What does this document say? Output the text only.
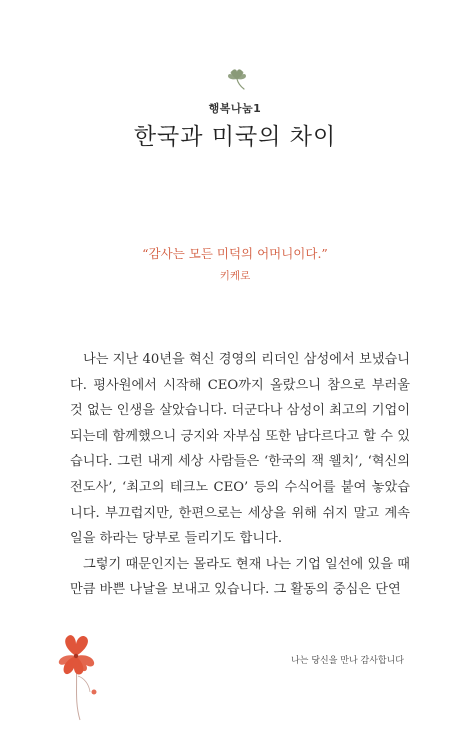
행복나눔1
한국과 미국의 차이
“감사는 모든 미덕의 어머니이다.”
키케로

나는 지난 40년을 혁신 경영의 리더인 삼성에서 보냈습니다. 평사원에서 시작해 CEO까지 올랐으니 참으로 부러울 것 없는 인생을 살았습니다. 더군다나 삼성이 최고의 기업이 되는데 함께했으니 긍지와 자부심 또한 남다르다고 할 수 있습니다. 그런 내게 세상 사람들은 ‘한국의 잭 웰치’, ‘혁신의 전도사’, ‘최고의 테크노 CEO’ 등의 수식어를 붙여 놓았습니다. 부끄럽지만, 한편으로는 세상을 위해 쉬지 말고 계속 일을 하라는 당부로 들리기도 합니다.

그렇기 때문인지는 몰라도 현재 나는 기업 일선에 있을 때만큼 바쁜 나날을 보내고 있습니다. 그 활동의 중심은 단연

나는 당신을 만나 감사합니다
